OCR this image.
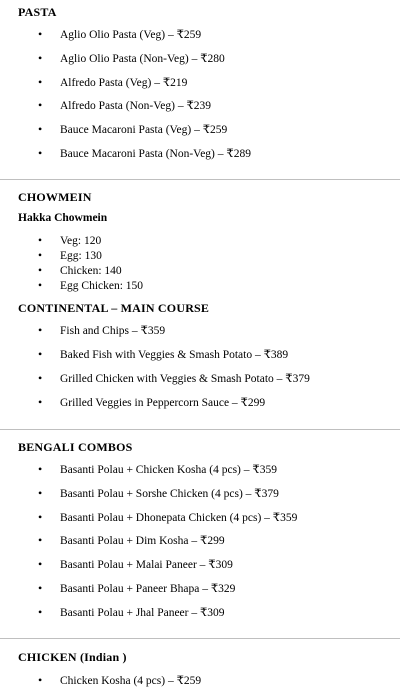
PASTA
• Aglio Olio Pasta (Veg) – ₹259
• Aglio Olio Pasta (Non-Veg) – ₹280
• Alfredo Pasta (Veg) – ₹219
• Alfredo Pasta (Non-Veg) – ₹239
• Bauce Macaroni Pasta (Veg) – ₹259
• Bauce Macaroni Pasta (Non-Veg) – ₹289
CHOWMEIN
Hakka Chowmein
• Veg: 120
• Egg: 130
• Chicken: 140
• Egg Chicken: 150
CONTINENTAL – MAIN COURSE
• Fish and Chips – ₹359
• Baked Fish with Veggies & Smash Potato – ₹389
• Grilled Chicken with Veggies & Smash Potato – ₹379
• Grilled Veggies in Peppercorn Sauce – ₹299
BENGALI COMBOS
• Basanti Polau + Chicken Kosha (4 pcs) – ₹359
• Basanti Polau + Sorshe Chicken (4 pcs) – ₹379
• Basanti Polau + Dhonepata Chicken (4 pcs) – ₹359
• Basanti Polau + Dim Kosha – ₹299
• Basanti Polau + Malai Paneer – ₹309
• Basanti Polau + Paneer Bhapa – ₹329
• Basanti Polau + Jhal Paneer – ₹309
CHICKEN (Indian )
• Chicken Kosha (4 pcs) – ₹259
